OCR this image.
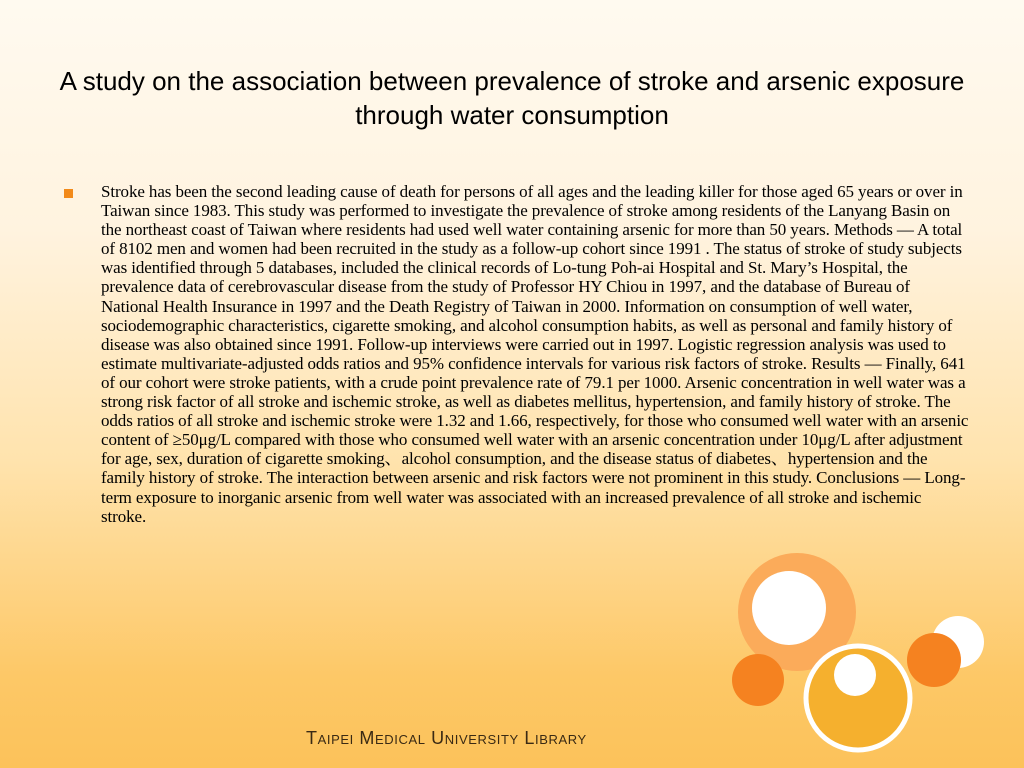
A study on the association between prevalence of stroke and arsenic exposure through water consumption
Stroke has been the second leading cause of death for persons of all ages and the leading killer for those aged 65 years or over in Taiwan since 1983. This study was performed to investigate the prevalence of stroke among residents of the Lanyang Basin on the northeast coast of Taiwan where residents had used well water containing arsenic for more than 50 years. Methods — A total of 8102 men and women had been recruited in the study as a follow-up cohort since 1991 . The status of stroke of study subjects was identified through 5 databases, included the clinical records of Lo-tung Poh-ai Hospital and St. Mary’s Hospital, the prevalence data of cerebrovascular disease from the study of Professor HY Chiou in 1997, and the database of Bureau of National Health Insurance in 1997 and the Death Registry of Taiwan in 2000. Information on consumption of well water, sociodemographic characteristics, cigarette smoking, and alcohol consumption habits, as well as personal and family history of disease was also obtained since 1991. Follow-up interviews were carried out in 1997. Logistic regression analysis was used to estimate multivariate-adjusted odds ratios and 95% confidence intervals for various risk factors of stroke. Results — Finally, 641 of our cohort were stroke patients, with a crude point prevalence rate of 79.1 per 1000. Arsenic concentration in well water was a strong risk factor of all stroke and ischemic stroke, as well as diabetes mellitus, hypertension, and family history of stroke. The odds ratios of all stroke and ischemic stroke were 1.32 and 1.66, respectively, for those who consumed well water with an arsenic content of ≥50μg/L compared with those who consumed well water with an arsenic concentration under 10μg/L after adjustment for age, sex, duration of cigarette smoking、alcohol consumption, and the disease status of diabetes、hypertension and the family history of stroke. The interaction between arsenic and risk factors were not prominent in this study. Conclusions — Long-term exposure to inorganic arsenic from well water was associated with an increased prevalence of all stroke and ischemic stroke.
Taipei Medical University Library
